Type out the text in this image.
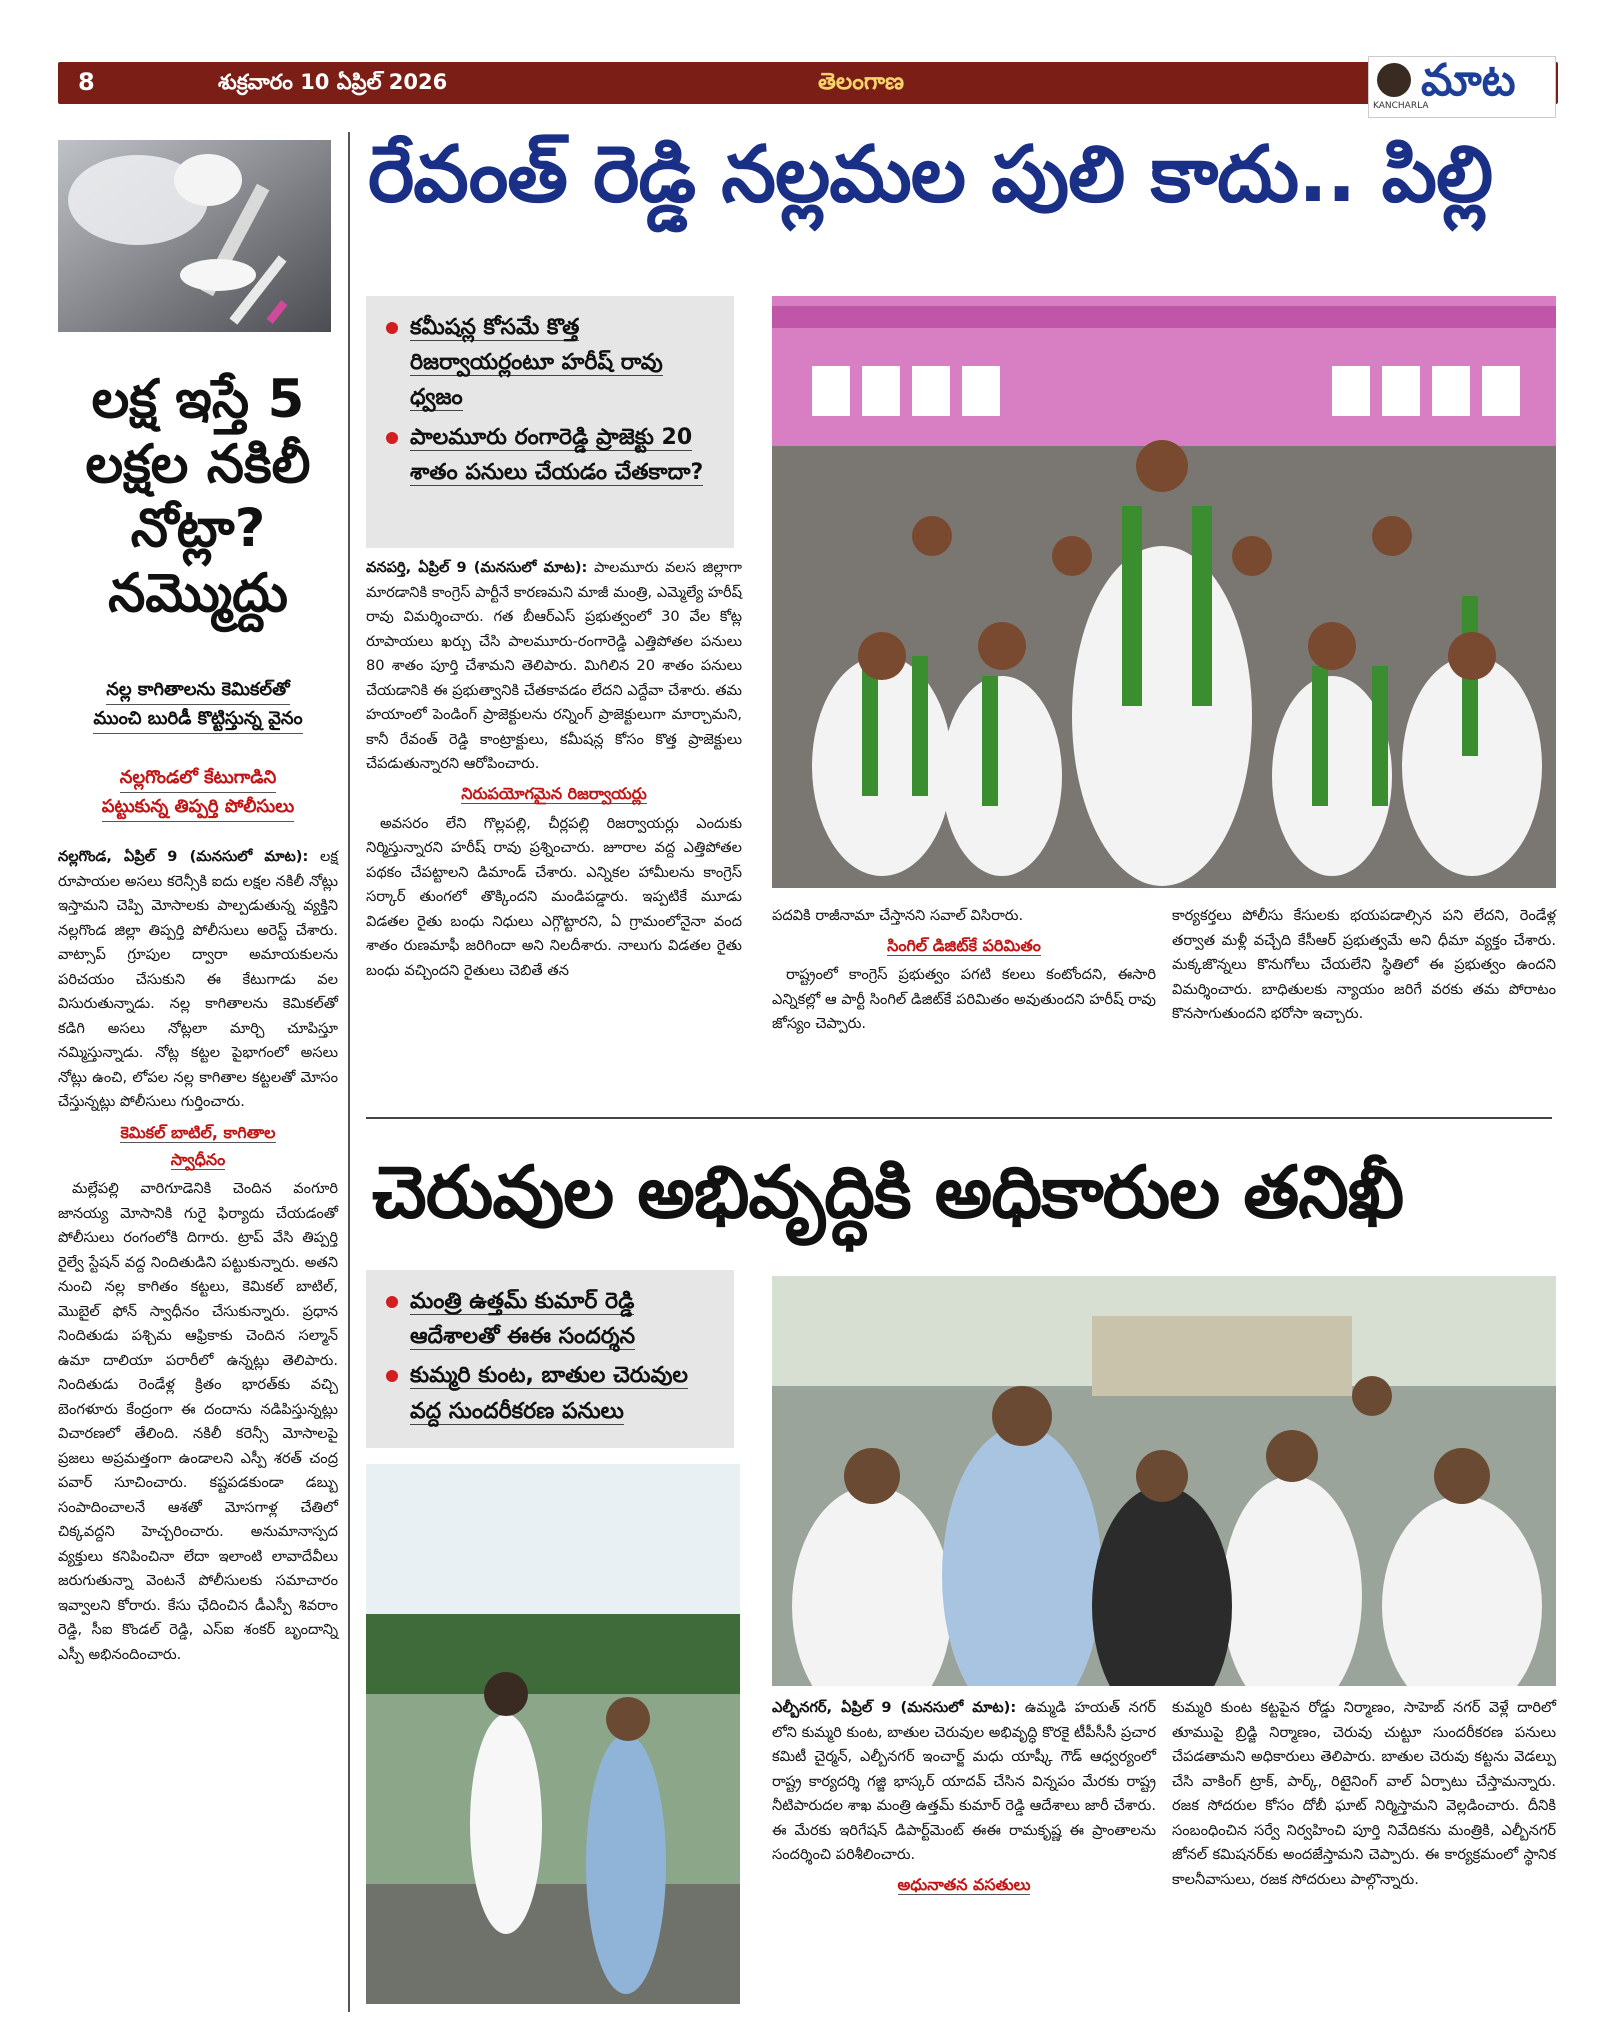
8	శుక్రవారం 10 ఏప్రిల్ 2026	తెలంగాణ	మాట
KANCHARLA
లక్ష ఇస్తే 5
లక్షల నకిలీ
నోట్లా?
నమ్మొద్దు
నల్ల కాగితాలను కెమికల్‌తో
ముంచి బురిడీ కొట్టిస్తున్న వైనం
నల్లగొండలో కేటుగాడిని
పట్టుకున్న తిప్పర్తి పోలీసులు

నల్లగొండ, ఏప్రిల్ 9 (మనసులో మాట): లక్ష రూపాయల అసలు కరెన్సీకి ఐదు లక్షల నకిలీ నోట్లు ఇస్తామని చెప్పి మోసాలకు పాల్పడుతున్న వ్యక్తిని నల్లగొండ జిల్లా తిప్పర్తి పోలీసులు అరెస్ట్ చేశారు. వాట్సాప్ గ్రూపుల ద్వారా అమాయకులను పరిచయం చేసుకుని ఈ కేటుగాడు వల విసురుతున్నాడు. నల్ల కాగితాలను కెమికల్‌తో కడిగి అసలు నోట్లలా మార్చి చూపిస్తూ నమ్మిస్తున్నాడు. నోట్ల కట్టల పైభాగంలో అసలు నోట్లు ఉంచి, లోపల నల్ల కాగితాల కట్టలతో మోసం చేస్తున్నట్లు పోలీసులు గుర్తించారు.

కెమికల్ బాటిల్, కాగితాల
స్వాధీనం

మల్లేపల్లి వారిగూడెనికి చెందిన వంగూరి జానయ్య మోసానికి గురై ఫిర్యాదు చేయడంతో పోలీసులు రంగంలోకి దిగారు. ట్రాప్ వేసి తిప్పర్తి రైల్వే స్టేషన్ వద్ద నిందితుడిని పట్టుకున్నారు. అతని నుంచి నల్ల కాగితం కట్టలు, కెమికల్ బాటిల్, మొబైల్ ఫోన్ స్వాధీనం చేసుకున్నారు. ప్రధాన నిందితుడు పశ్చిమ ఆఫ్రికాకు చెందిన సల్మాన్ ఉమా దాలియా పరారీలో ఉన్నట్లు తెలిపారు. నిందితుడు రెండేళ్ల క్రితం భారత్‌కు వచ్చి బెంగళూరు కేంద్రంగా ఈ దందాను నడిపిస్తున్నట్లు విచారణలో తేలింది. నకిలీ కరెన్సీ మోసాలపై ప్రజలు అప్రమత్తంగా ఉండాలని ఎస్పీ శరత్ చంద్ర పవార్ సూచించారు. కష్టపడకుండా డబ్బు సంపాదించాలనే ఆశతో మోసగాళ్ల చేతిలో చిక్కవద్దని హెచ్చరించారు. అనుమానాస్పద వ్యక్తులు కనిపించినా లేదా ఇలాంటి లావాదేవీలు జరుగుతున్నా వెంటనే పోలీసులకు సమాచారం ఇవ్వాలని కోరారు. కేసు ఛేదించిన డీఎస్పీ శివరాం రెడ్డి, సీఐ కొండల్ రెడ్డి, ఎస్ఐ శంకర్ బృందాన్ని ఎస్పీ అభినందించారు.

రేవంత్ రెడ్డి నల్లమల పులి కాదు.. పిల్లి
కమీషన్ల కోసమే కొత్త రిజర్వాయర్లంటూ హరీష్ రావు ధ్వజం
పాలమూరు రంగారెడ్డి ప్రాజెక్టు 20 శాతం పనులు చేయడం చేతకాదా?

వనపర్తి, ఏప్రిల్ 9 (మనసులో మాట): పాలమూరు వలస జిల్లాగా మారడానికి కాంగ్రెస్ పార్టీనే కారణమని మాజీ మంత్రి, ఎమ్మెల్యే హరీష్ రావు విమర్శించారు. గత బీఆర్ఎస్ ప్రభుత్వంలో 30 వేల కోట్ల రూపాయలు ఖర్చు చేసి పాలమూరు-రంగారెడ్డి ఎత్తిపోతల పనులు 80 శాతం పూర్తి చేశామని తెలిపారు. మిగిలిన 20 శాతం పనులు చేయడానికి ఈ ప్రభుత్వానికి చేతకావడం లేదని ఎద్దేవా చేశారు. తమ హయాంలో పెండింగ్ ప్రాజెక్టులను రన్నింగ్ ప్రాజెక్టులుగా మార్చామని, కానీ రేవంత్ రెడ్డి కాంట్రాక్టులు, కమీషన్ల కోసం కొత్త ప్రాజెక్టులు చేపడుతున్నారని ఆరోపించారు.

నిరుపయోగమైన రిజర్వాయర్లు

అవసరం లేని గొల్లపల్లి, చీర్లపల్లి రిజర్వాయర్లు ఎందుకు నిర్మిస్తున్నారని హరీష్ రావు ప్రశ్నించారు. జూరాల వద్ద ఎత్తిపోతల పథకం చేపట్టాలని డిమాండ్ చేశారు. ఎన్నికల హామీలను కాంగ్రెస్ సర్కార్ తుంగలో తొక్కిందని మండిపడ్డారు. ఇప్పటికే మూడు విడతల రైతు బంధు నిధులు ఎగ్గొట్టారని, ఏ గ్రామంలోనైనా వంద శాతం రుణమాఫీ జరిగిందా అని నిలదీశారు. నాలుగు విడతల రైతు బంధు వచ్చిందని రైతులు చెబితే తన

పదవికి రాజీనామా చేస్తానని సవాల్ విసిరారు.

సింగిల్ డిజిట్‌కే పరిమితం

రాష్ట్రంలో కాంగ్రెస్ ప్రభుత్వం పగటి కలలు కంటోందని, ఈసారి ఎన్నికల్లో ఆ పార్టీ సింగిల్ డిజిట్‌కే పరిమితం అవుతుందని హరీష్ రావు జోస్యం చెప్పారు.

కార్యకర్తలు పోలీసు కేసులకు భయపడాల్సిన పని లేదని, రెండేళ్ల తర్వాత మళ్లీ వచ్చేది కేసీఆర్ ప్రభుత్వమే అని ధీమా వ్యక్తం చేశారు. మక్కజొన్నలు కొనుగోలు చేయలేని స్థితిలో ఈ ప్రభుత్వం ఉందని విమర్శించారు. బాధితులకు న్యాయం జరిగే వరకు తమ పోరాటం కొనసాగుతుందని భరోసా ఇచ్చారు.

చెరువుల అభివృద్ధికి అధికారుల తనిఖీ
మంత్రి ఉత్తమ్ కుమార్ రెడ్డి ఆదేశాలతో ఈఈ సందర్శన
కుమ్మరి కుంట, బాతుల చెరువుల వద్ద సుందరీకరణ పనులు

ఎల్బీనగర్, ఏప్రిల్ 9 (మనసులో మాట): ఉమ్మడి హయత్ నగర్ లోని కుమ్మరి కుంట, బాతుల చెరువుల అభివృద్ధి కొరకై టీపీసీసీ ప్రచార కమిటీ చైర్మన్, ఎల్బీనగర్ ఇంచార్జ్ మధు యాష్కీ గౌడ్ ఆధ్వర్యంలో రాష్ట్ర కార్యదర్శి గజ్జి భాస్కర్ యాదవ్ చేసిన విన్నపం మేరకు రాష్ట్ర నీటిపారుదల శాఖ మంత్రి ఉత్తమ్ కుమార్ రెడ్డి ఆదేశాలు జారీ చేశారు. ఈ మేరకు ఇరిగేషన్ డిపార్ట్‌మెంట్ ఈఈ రామకృష్ణ ఈ ప్రాంతాలను సందర్శించి పరిశీలించారు.

అధునాతన వసతులు

కుమ్మరి కుంట కట్టపైన రోడ్డు నిర్మాణం, సాహెబ్ నగర్ వెళ్లే దారిలో తూముపై బ్రిడ్జి నిర్మాణం, చెరువు చుట్టూ సుందరీకరణ పనులు చేపడతామని అధికారులు తెలిపారు. బాతుల చెరువు కట్టను వెడల్పు చేసి వాకింగ్ ట్రాక్, పార్క్, రిటైనింగ్ వాల్ ఏర్పాటు చేస్తామన్నారు. రజక సోదరుల కోసం దోబీ ఘాట్ నిర్మిస్తామని వెల్లడించారు. దీనికి సంబంధించిన సర్వే నిర్వహించి పూర్తి నివేదికను మంత్రికి, ఎల్బీనగర్ జోనల్ కమిషనర్‌కు అందజేస్తామని చెప్పారు. ఈ కార్యక్రమంలో స్థానిక కాలనీవాసులు, రజక సోదరులు పాల్గొన్నారు.
